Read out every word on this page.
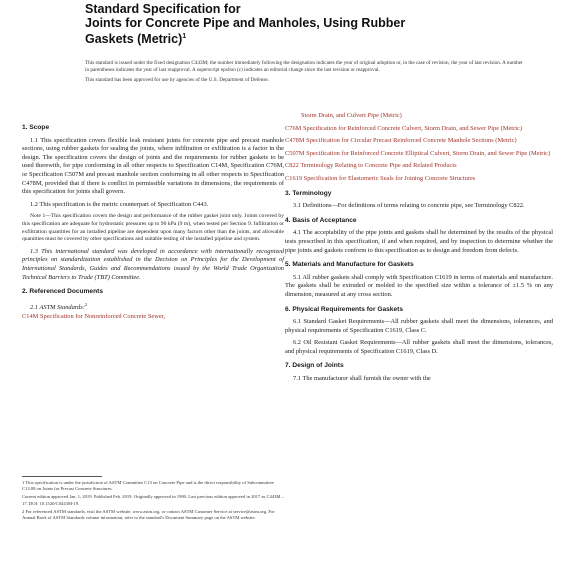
Standard Specification for
Joints for Concrete Pipe and Manholes, Using Rubber
Gaskets (Metric)$^1$

This standard is issued under the fixed designation C443M; the number immediately following the designation indicates the year of original adoption or, in the case of revision, the year of last revision. A number in parentheses indicates the year of last reapproval. A superscript epsilon (ε) indicates an editorial change since the last revision or reapproval.

This standard has been approved for use by agencies of the U.S. Department of Defense.

1. Scope

1.1 This specification covers flexible leak resistant joints for concrete pipe and precast manhole sections, using rubber gaskets for sealing the joints, where infiltration or exfiltration is a factor in the design. The specification covers the design of joints and the requirements for rubber gaskets to be used therewith, for pipe conforming in all other respects to Specification C14M, Specification C76M, or Specification C507M and precast manhole section conforming in all other respects to Specification C478M, provided that if there is conflict in permissible variations in dimensions, the requirements of this specification for joints shall govern.

1.2 This specification is the metric counterpart of Specification C443.

Note 1—This specification covers the design and performance of the rubber gasket joint only. Joints covered by this specification are adequate for hydrostatic pressures up to 90 kPa (9 m), when tested per Section 9. Infiltration or exfiltration quantities for an installed pipeline are dependent upon many factors other than the joints, and allowable quantities must be covered by other specifications and suitable testing of the installed pipeline and system.

1.3 This international standard was developed in accordance with internationally recognized principles on standardization established in the Decision on Principles for the Development of International Standards, Guides and Recommendations issued by the World Trade Organization Technical Barriers to Trade (TBT) Committee.

2. Referenced Documents

2.1 ASTM Standards:$^2$

C14M Specification for Nonreinforced Concrete Sewer,

1 This specification is under the jurisdiction of ASTM Committee C13 on Concrete Pipe and is the direct responsibility of Subcommittee C13.08 on Joints for Precast Concrete Structures.

Current edition approved Jan. 1, 2019. Published Feb. 2019. Originally approved in 1980. Last previous edition approved in 2017 as C443M – 17. DOI: 10.1520/C0443M-19.

2 For referenced ASTM standards, visit the ASTM website, www.astm.org, or contact ASTM Customer Service at service@astm.org. For Annual Book of ASTM Standards volume information, refer to the standard's Document Summary page on the ASTM website.

Storm Drain, and Culvert Pipe (Metric)

C76M Specification for Reinforced Concrete Culvert, Storm Drain, and Sewer Pipe (Metric)

C478M Specification for Circular Precast Reinforced Concrete Manhole Sections (Metric)

C507M Specification for Reinforced Concrete Elliptical Culvert, Storm Drain, and Sewer Pipe (Metric)

C822 Terminology Relating to Concrete Pipe and Related Products

C1619 Specification for Elastomeric Seals for Joining Concrete Structures

3. Terminology

3.1 Definitions—For definitions of terms relating to concrete pipe, see Terminology C822.

4. Basis of Acceptance

4.1 The acceptability of the pipe joints and gaskets shall be determined by the results of the physical tests prescribed in this specification, if and when required, and by inspection to determine whether the pipe joints and gaskets conform to this specification as to design and freedom from defects.

5. Materials and Manufacture for Gaskets

5.1 All rubber gaskets shall comply with Specification C1619 in terms of materials and manufacture. The gaskets shall be extruded or molded to the specified size within a tolerance of ±1.5 % on any dimension, measured at any cross section.

6. Physical Requirements for Gaskets

6.1 Standard Gasket Requirements—All rubber gaskets shall meet the dimensions, tolerances, and physical requirements of Specification C1619, Class C.

6.2 Oil Resistant Gasket Requirements—All rubber gaskets shall meet the dimensions, tolerances, and physical requirements of Specification C1619, Class D.

7. Design of Joints

7.1 The manufacturer shall furnish the owner with the
